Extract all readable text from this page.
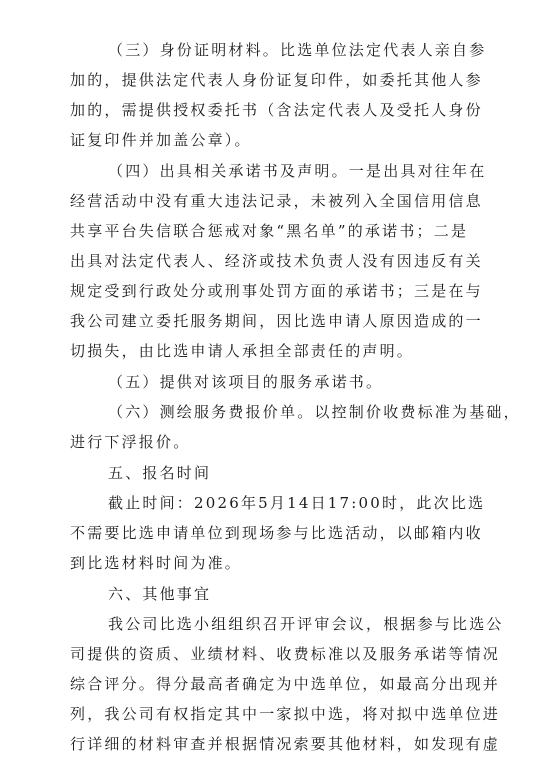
（三）身份证明材料。比选单位法定代表人亲自参
加的，提供法定代表人身份证复印件，如委托其他人参
加的，需提供授权委托书（含法定代表人及受托人身份
证复印件并加盖公章）。
（四）出具相关承诺书及声明。一是出具对往年在
经营活动中没有重大违法记录，未被列入全国信用信息
共享平台失信联合惩戒对象“黑名单”的承诺书；二是
出具对法定代表人、经济或技术负责人没有因违反有关
规定受到行政处分或刑事处罚方面的承诺书；三是在与
我公司建立委托服务期间，因比选申请人原因造成的一
切损失，由比选申请人承担全部责任的声明。
（五）提供对该项目的服务承诺书。
（六）测绘服务费报价单。以控制价收费标准为基础，
进行下浮报价。
五、报名时间
截止时间：2026年5月14日17:00时，此次比选
不需要比选申请单位到现场参与比选活动，以邮箱内收
到比选材料时间为准。
六、其他事宜
我公司比选小组组织召开评审会议，根据参与比选公
司提供的资质、业绩材料、收费标准以及服务承诺等情况
综合评分。得分最高者确定为中选单位，如最高分出现并
列，我公司有权指定其中一家拟中选，将对拟中选单位进
行详细的材料审查并根据情况索要其他材料，如发现有虚
